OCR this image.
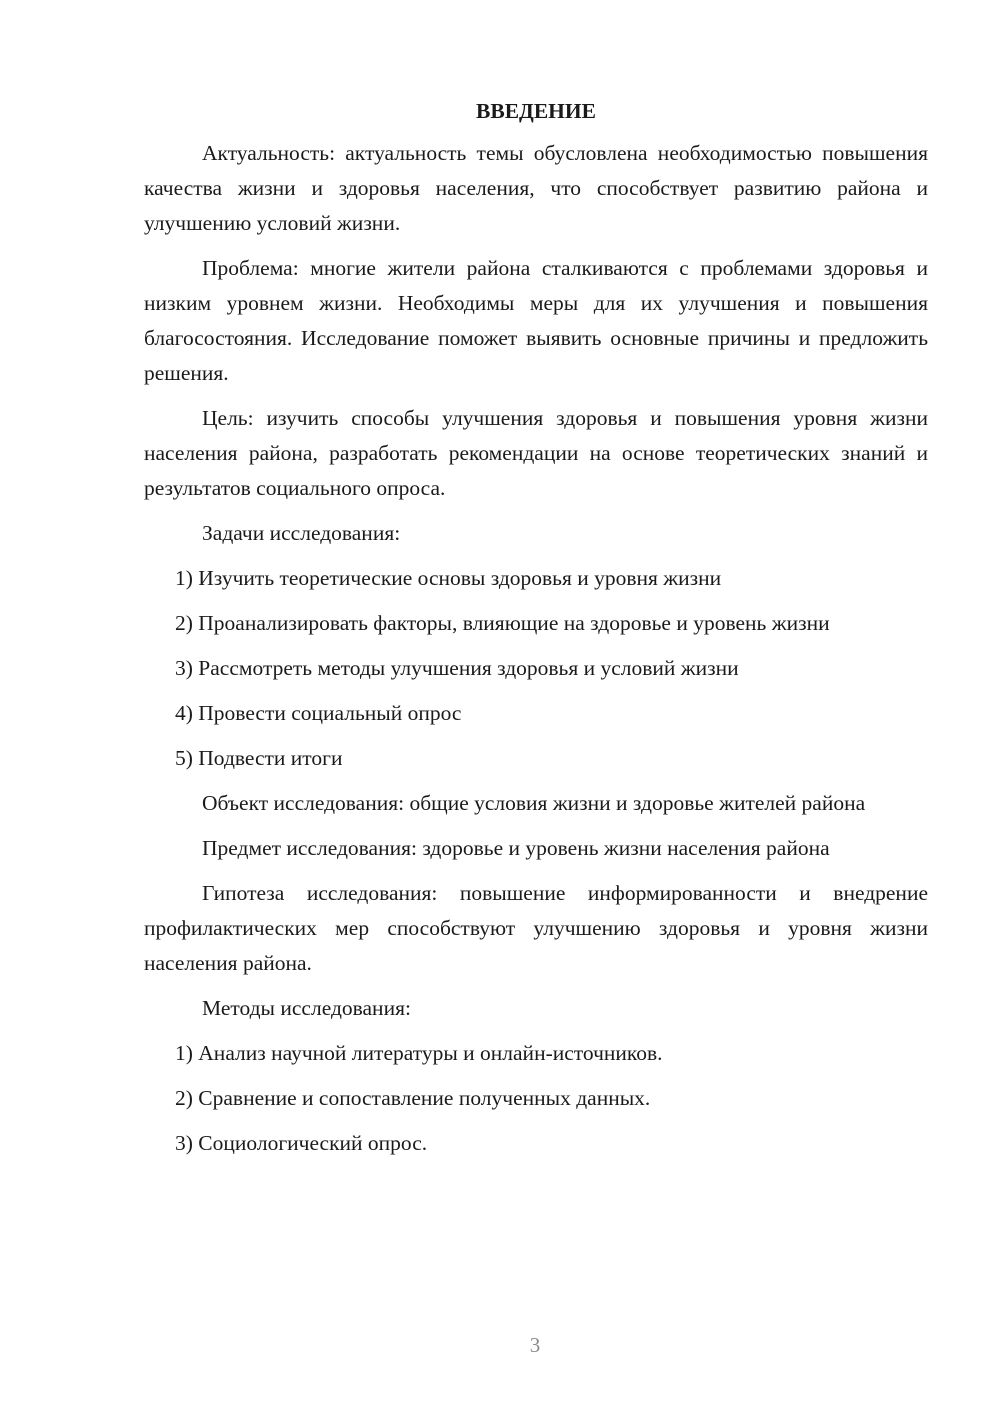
ВВЕДЕНИЕ

Актуальность: актуальность темы обусловлена необходимостью повышения качества жизни и здоровья населения, что способствует развитию района и улучшению условий жизни.

Проблема: многие жители района сталкиваются с проблемами здоровья и низким уровнем жизни. Необходимы меры для их улучшения и повышения благосостояния. Исследование поможет выявить основные причины и предложить решения.

Цель: изучить способы улучшения здоровья и повышения уровня жизни населения района, разработать рекомендации на основе теоретических знаний и результатов социального опроса.

Задачи исследования:

1) Изучить теоретические основы здоровья и уровня жизни

2) Проанализировать факторы, влияющие на здоровье и уровень жизни

3) Рассмотреть методы улучшения здоровья и условий жизни

4) Провести социальный опрос

5) Подвести итоги

Объект исследования: общие условия жизни и здоровье жителей района

Предмет исследования: здоровье и уровень жизни населения района

Гипотеза исследования: повышение информированности и внедрение профилактических мер способствуют улучшению здоровья и уровня жизни населения района.

Методы исследования:

1) Анализ научной литературы и онлайн-источников.

2) Сравнение и сопоставление полученных данных.

3) Социологический опрос.

3
